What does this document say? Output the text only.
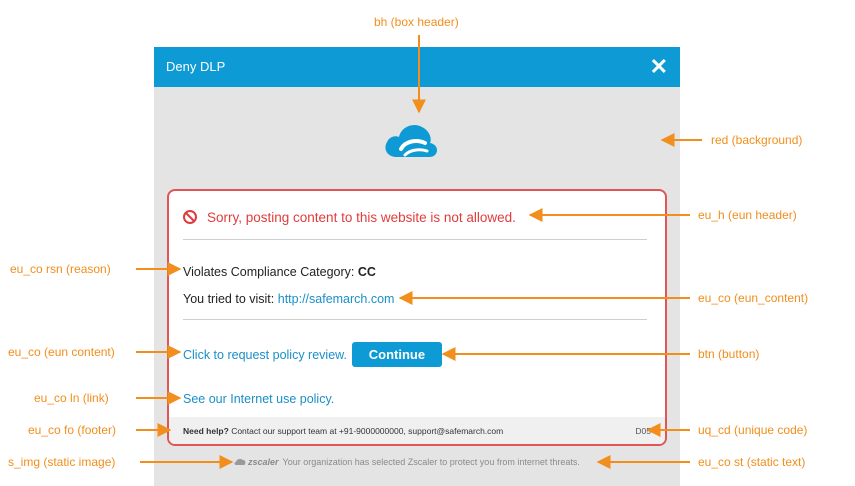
Deny DLP	✕
Sorry, posting content to this website is not allowed.
Violates Compliance Category: CC
You tried to visit: http://safemarch.com
Click to request policy review.	Continue
See our Internet use policy.
Need help? Contact our support team at +91-9000000000, support@safemarch.com	D05
zscaler Your organization has selected Zscaler to protect you from internet threats.
bh (box header)
red (background)
eu_h (eun header)
eu_co rsn (reason)
eu_co (eun_content)
eu_co (eun content)	btn (button)
eu_co ln (link)
eu_co fo (footer)	uq_cd (unique code)
s_img (static image)	eu_co st (static text)
